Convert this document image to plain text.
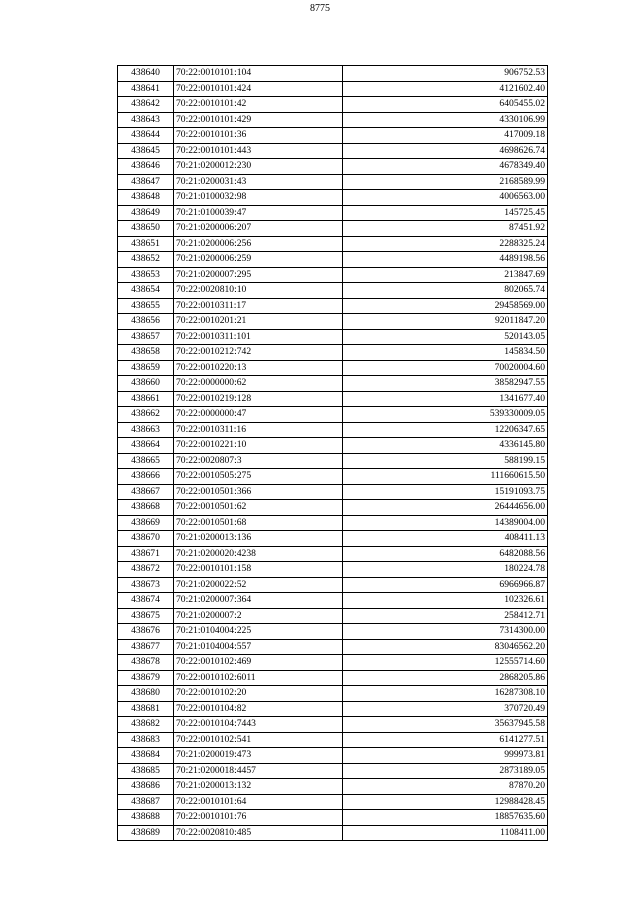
8775
438640	70:22:0010101:104	906752.53
438641	70:22:0010101:424	4121602.40
438642	70:22:0010101:42	6405455.02
438643	70:22:0010101:429	4330106.99
438644	70:22:0010101:36	417009.18
438645	70:22:0010101:443	4698626.74
438646	70:21:0200012:230	4678349.40
438647	70:21:0200031:43	2168589.99
438648	70:21:0100032:98	4006563.00
438649	70:21:0100039:47	145725.45
438650	70:21:0200006:207	87451.92
438651	70:21:0200006:256	2288325.24
438652	70:21:0200006:259	4489198.56
438653	70:21:0200007:295	213847.69
438654	70:22:0020810:10	802065.74
438655	70:22:0010311:17	29458569.00
438656	70:22:0010201:21	92011847.20
438657	70:22:0010311:101	520143.05
438658	70:22:0010212:742	145834.50
438659	70:22:0010220:13	70020004.60
438660	70:22:0000000:62	38582947.55
438661	70:22:0010219:128	1341677.40
438662	70:22:0000000:47	539330009.05
438663	70:22:0010311:16	12206347.65
438664	70:22:0010221:10	4336145.80
438665	70:22:0020807:3	588199.15
438666	70:22:0010505:275	111660615.50
438667	70:22:0010501:366	15191093.75
438668	70:22:0010501:62	26444656.00
438669	70:22:0010501:68	14389004.00
438670	70:21:0200013:136	408411.13
438671	70:21:0200020:4238	6482088.56
438672	70:22:0010101:158	180224.78
438673	70:21:0200022:52	6966966.87
438674	70:21:0200007:364	102326.61
438675	70:21:0200007:2	258412.71
438676	70:21:0104004:225	7314300.00
438677	70:21:0104004:557	83046562.20
438678	70:22:0010102:469	12555714.60
438679	70:22:0010102:6011	2868205.86
438680	70:22:0010102:20	16287308.10
438681	70:22:0010104:82	370720.49
438682	70:22:0010104:7443	35637945.58
438683	70:22:0010102:541	6141277.51
438684	70:21:0200019:473	999973.81
438685	70:21:0200018:4457	2873189.05
438686	70:21:0200013:132	87870.20
438687	70:22:0010101:64	12988428.45
438688	70:22:0010101:76	18857635.60
438689	70:22:0020810:485	1108411.00
